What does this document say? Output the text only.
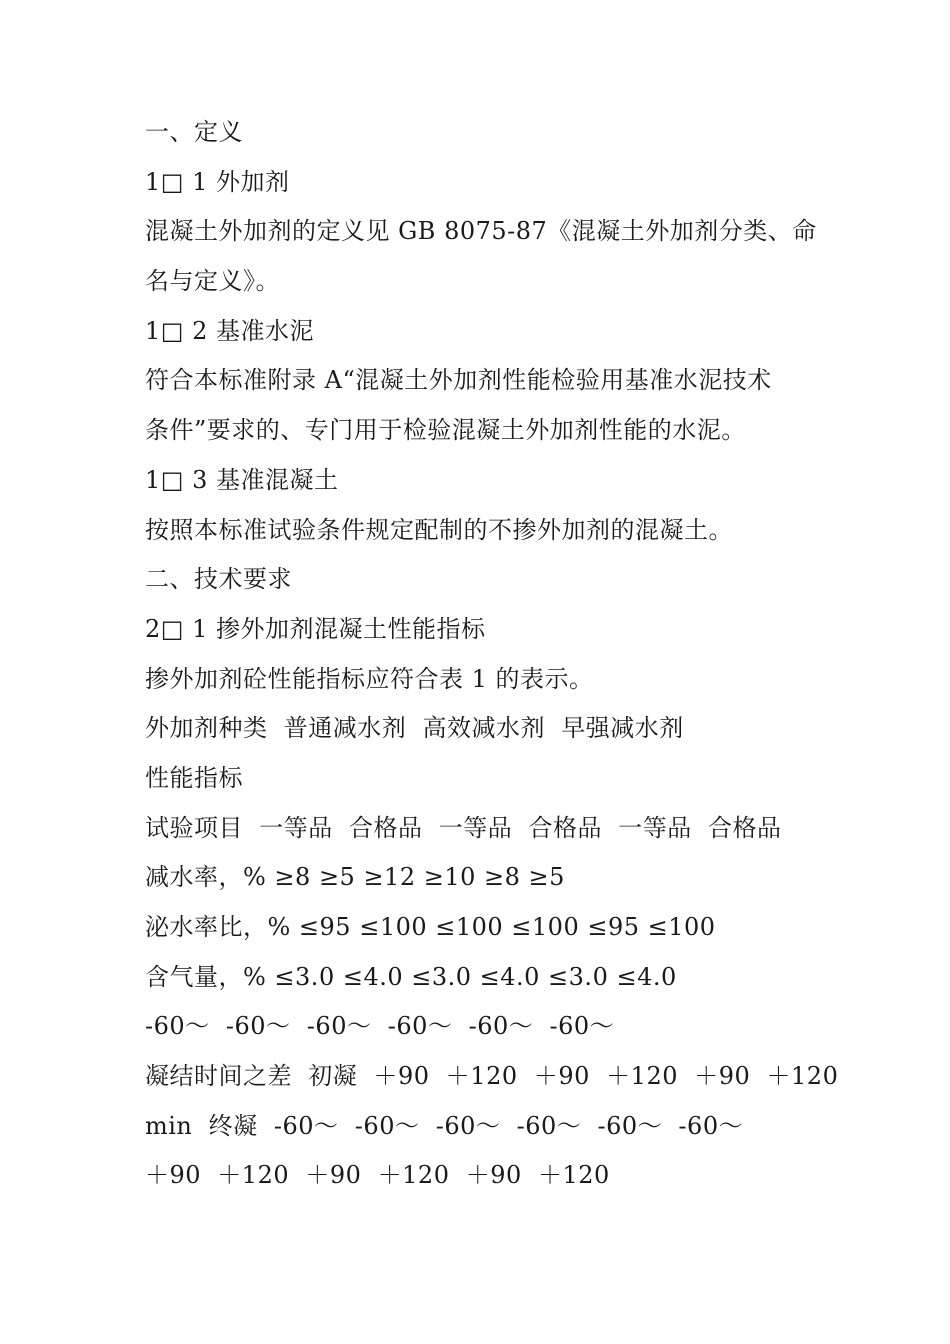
一、定义
1□ 1 外加剂
混凝土外加剂的定义见 GB 8075-87《混凝土外加剂分类、命
名与定义》。
1□ 2 基准水泥
符合本标准附录 A“混凝土外加剂性能检验用基准水泥技术
条件”要求的、专门用于检验混凝土外加剂性能的水泥。
1□ 3 基准混凝土
按照本标准试验条件规定配制的不掺外加剂的混凝土。
二、技术要求
2□ 1 掺外加剂混凝土性能指标
掺外加剂砼性能指标应符合表 1 的表示。
外加剂种类  普通减水剂  高效减水剂  早强减水剂
性能指标
试验项目  一等品  合格品  一等品  合格品  一等品  合格品
减水率，% ≥8 ≥5 ≥12 ≥10 ≥8 ≥5
泌水率比，% ≤95 ≤100 ≤100 ≤100 ≤95 ≤100
含气量，% ≤3.0 ≤4.0 ≤3.0 ≤4.0 ≤3.0 ≤4.0
-60～  -60～  -60～  -60～  -60～  -60～
凝结时间之差  初凝  ＋90  ＋120  ＋90  ＋120  ＋90  ＋120
min  终凝  -60～  -60～  -60～  -60～  -60～  -60～
＋90  ＋120  ＋90  ＋120  ＋90  ＋120
